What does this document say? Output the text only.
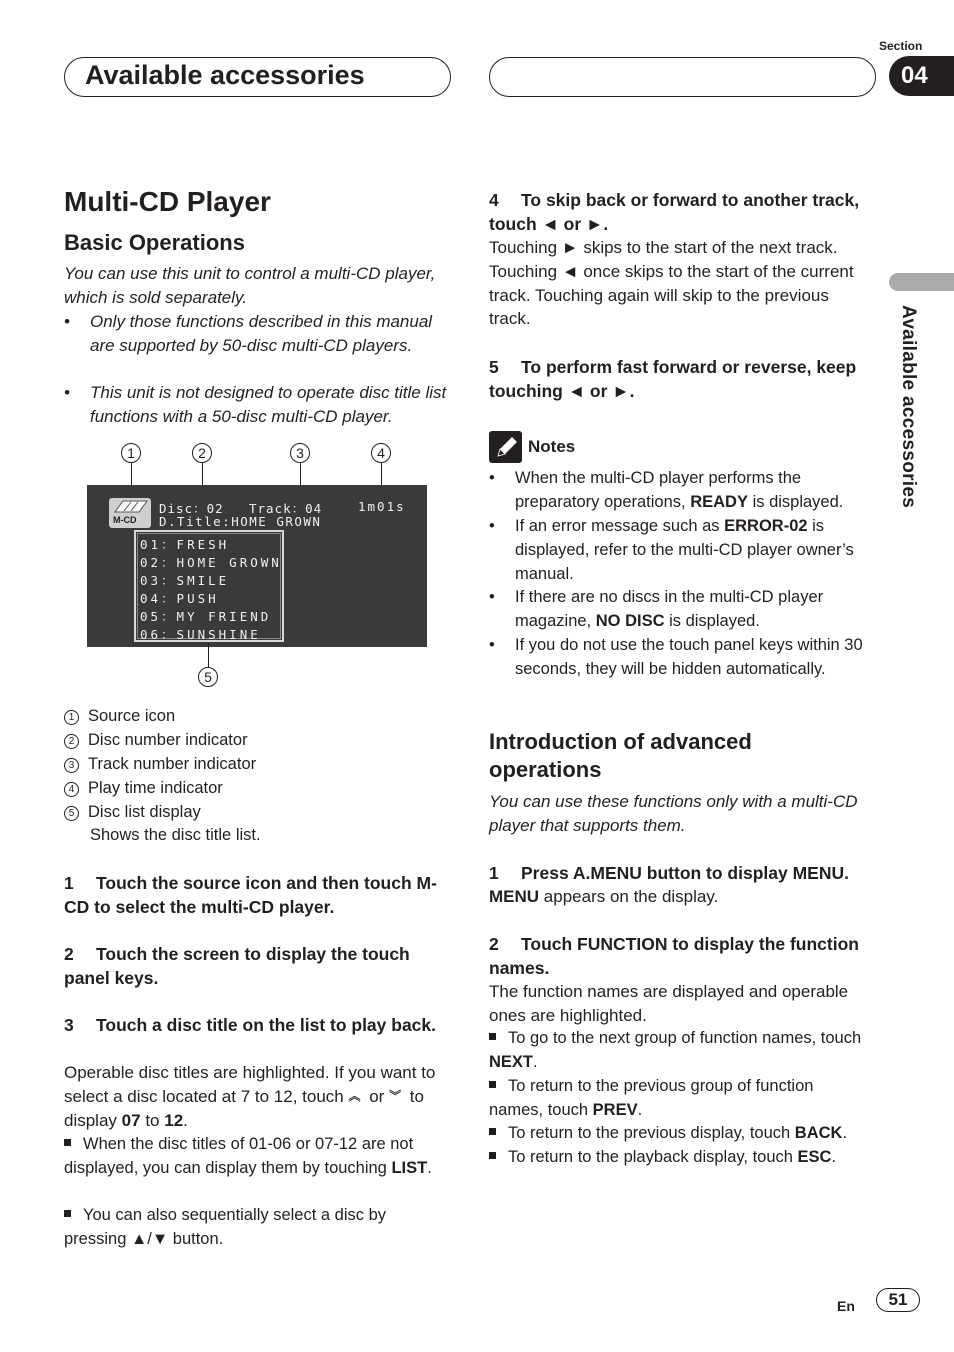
Available accessories
Section
04
Available accessories
Multi-CD Player
Basic Operations
You can use this unit to control a multi-CD player, which is sold separately.
• Only those functions described in this manual are supported by 50-disc multi-CD players.
• This unit is not designed to operate disc title list functions with a 50-disc multi-CD player.
1	2	3	4
M-CD
Disc：02 Track：04	1m01s
D.Title:HOME GROWN
01：FRESH
02：HOME GROWN
03：SMILE
04：PUSH
05：MY FRIEND
06：SUNSHINE
5
1 Source icon
2 Disc number indicator
3 Track number indicator
4 Play time indicator
5 Disc list display
Shows the disc title list.
1 Touch the source icon and then touch M-CD to select the multi-CD player.
2 Touch the screen to display the touch panel keys.
3 Touch a disc title on the list to play back.
Operable disc titles are highlighted. If you want to select a disc located at 7 to 12, touch ︽ or ︾ to display 07 to 12.
When the disc titles of 01-06 or 07-12 are not displayed, you can display them by touching LIST.
You can also sequentially select a disc by pressing ▲/▼ button.
4 To skip back or forward to another track, touch ◄ or ►.
Touching ► skips to the start of the next track. Touching ◄ once skips to the start of the current track. Touching again will skip to the previous track.
5 To perform fast forward or reverse, keep touching ◄ or ►.
Notes
• When the multi-CD player performs the preparatory operations, READY is displayed.
• If an error message such as ERROR-02 is displayed, refer to the multi-CD player owner’s manual.
• If there are no discs in the multi-CD player magazine, NO DISC is displayed.
• If you do not use the touch panel keys within 30 seconds, they will be hidden automatically.
Introduction of advanced operations
You can use these functions only with a multi-CD player that supports them.
1 Press A.MENU button to display MENU.
MENU appears on the display.
2 Touch FUNCTION to display the function names.
The function names are displayed and operable ones are highlighted.
To go to the next group of function names, touch NEXT.
To return to the previous group of function names, touch PREV.
To return to the previous display, touch BACK.
To return to the playback display, touch ESC.
En	51
